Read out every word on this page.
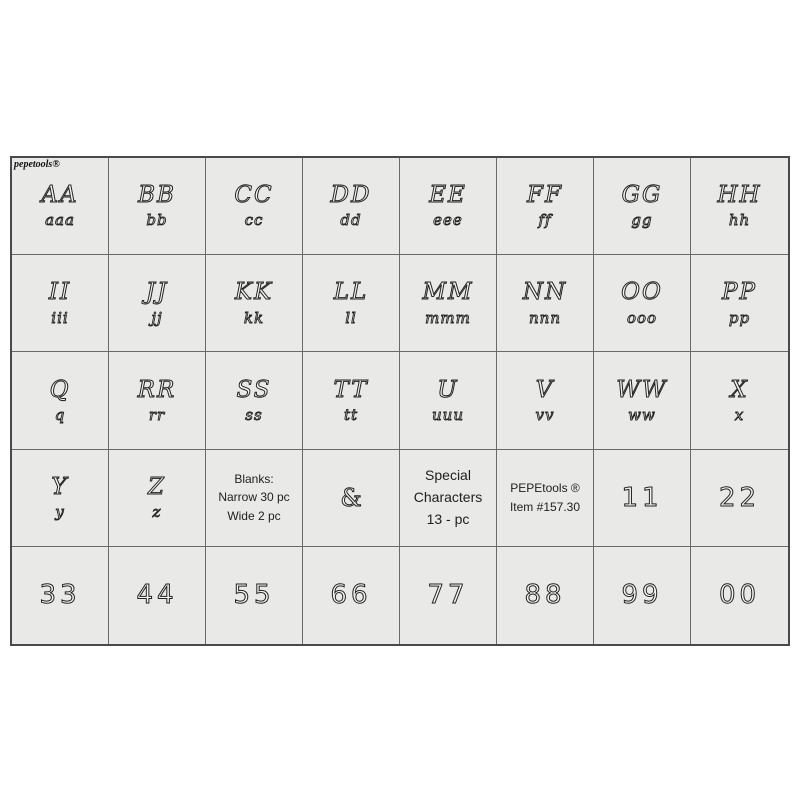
pepetools®
AA
aaa
BB
bb
CC
cc
DD
dd
EE
eee
FF
ff
GG
gg
HH
hh
II
iii
JJ
jj
KK
kk
LL
ll
MM
mmm
NN
nnn
OO
ooo
PP
pp
Q
q
RR
rr
SS
ss
TT
tt
U
uuu
V
vv
WW
ww
X
x
Y
y
Z
z
Blanks:
Narrow 30 pc
Wide 2 pc
&
Special
Characters
13 - pc
PEPEtools ®
Item #157.30 11 22
33 44 55 66 77 88 99 00
